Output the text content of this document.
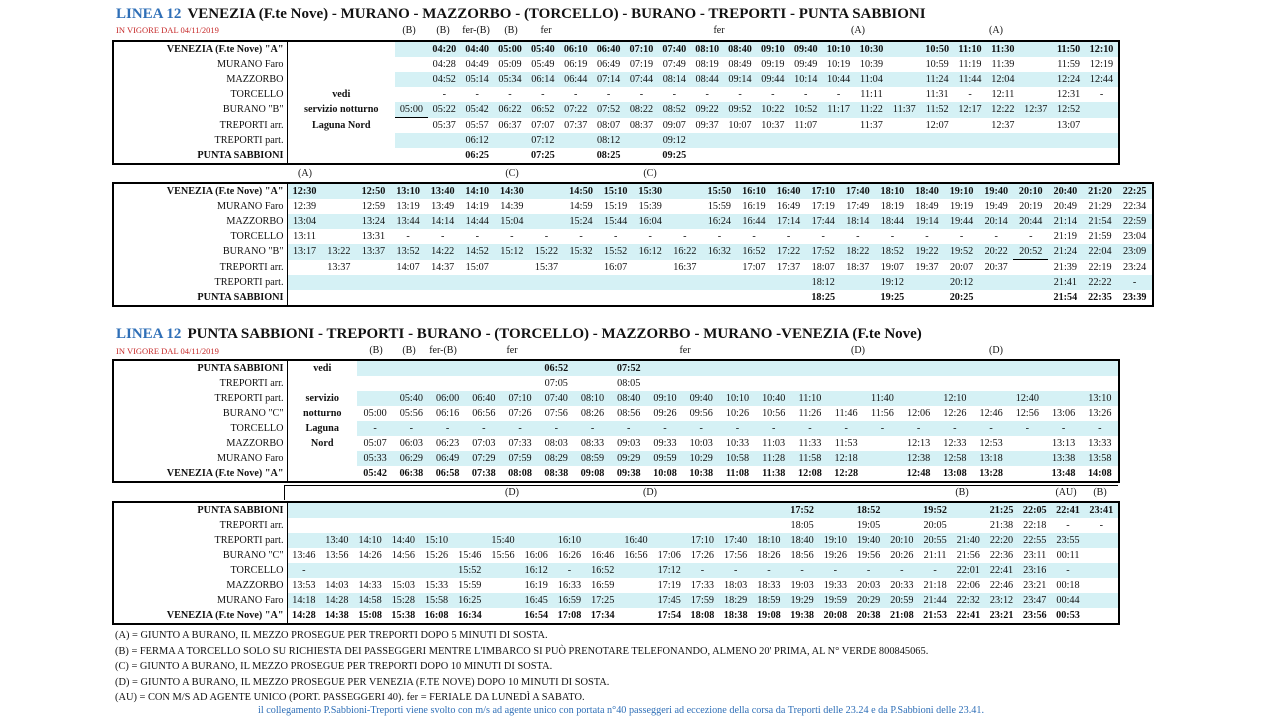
LINEA 12 VENEZIA (F.te Nove) - MURANO - MAZZORBO - (TORCELLO) - BURANO - TREPORTI - PUNTA SABBIONI
IN VIGORE DAL 04/11/2019	(B) (B) fer-(B) (B) fer	fer	(A)	(A)
VENEZIA (F.te Nove) "A"			04:20	04:40	05:00	05:40	06:10	06:40	07:10	07:40	08:10	08:40	09:10	09:40	10:10	10:30		10:50	11:10	11:30		11:50	12:10
MURANO Faro			04:28	04:49	05:09	05:49	06:19	06:49	07:19	07:49	08:19	08:49	09:19	09:49	10:19	10:39		10:59	11:19	11:39		11:59	12:19
MAZZORBO			04:52	05:14	05:34	06:14	06:44	07:14	07:44	08:14	08:44	09:14	09:44	10:14	10:44	11:04		11:24	11:44	12:04		12:24	12:44
TORCELLO	vedi		-	-	-	-	-	-	-	-	-	-	-	-	-	11:11		11:31	-	12:11		12:31	-
BURANO "B"	servizio notturno	05:00	05:22	05:42	06:22	06:52	07:22	07:52	08:22	08:52	09:22	09:52	10:22	10:52	11:17	11:22	11:37	11:52	12:17	12:22	12:37	12:52	
TREPORTI arr.	Laguna Nord		05:37	05:57	06:37	07:07	07:37	08:07	08:37	09:07	09:37	10:07	10:37	11:07		11:37		12:07		12:37		13:07	
TREPORTI part.				06:12		07:12		08:12		09:12													
PUNTA SABBIONI				06:25		07:25		08:25		09:25													
(A)	(C)	(C)
VENEZIA (F.te Nove) "A"	12:30		12:50	13:10	13:40	14:10	14:30		14:50	15:10	15:30		15:50	16:10	16:40	17:10	17:40	18:10	18:40	19:10	19:40	20:10	20:40	21:20	22:25
MURANO Faro	12:39		12:59	13:19	13:49	14:19	14:39		14:59	15:19	15:39		15:59	16:19	16:49	17:19	17:49	18:19	18:49	19:19	19:49	20:19	20:49	21:29	22:34
MAZZORBO	13:04		13:24	13:44	14:14	14:44	15:04		15:24	15:44	16:04		16:24	16:44	17:14	17:44	18:14	18:44	19:14	19:44	20:14	20:44	21:14	21:54	22:59
TORCELLO	13:11		13:31	-	-	-	-	-	-	-	-	-	-	-	-	-	-	-	-	-	-	-	21:19	21:59	23:04
BURANO "B"	13:17	13:22	13:37	13:52	14:22	14:52	15:12	15:22	15:32	15:52	16:12	16:22	16:32	16:52	17:22	17:52	18:22	18:52	19:22	19:52	20:22	20:52	21:24	22:04	23:09
TREPORTI arr.		13:37		14:07	14:37	15:07		15:37		16:07		16:37		17:07	17:37	18:07	18:37	19:07	19:37	20:07	20:37		21:39	22:19	23:24
TREPORTI part.																18:12		19:12		20:12			21:41	22:22	-
PUNTA SABBIONI																18:25		19:25		20:25			21:54	22:35	23:39
LINEA 12 PUNTA SABBIONI - TREPORTI - BURANO - (TORCELLO) - MAZZORBO - MURANO -VENEZIA (F.te Nove)
IN VIGORE DAL 04/11/2019	(B) (B) fer-(B)	fer	fer	(D)	(D)
PUNTA SABBIONI	vedi						06:52		07:52													
TREPORTI arr.							07:05		08:05													
TREPORTI part.	servizio		05:40	06:00	06:40	07:10	07:40	08:10	08:40	09:10	09:40	10:10	10:40	11:10		11:40		12:10		12:40		13:10
BURANO "C"	notturno	05:00	05:56	06:16	06:56	07:26	07:56	08:26	08:56	09:26	09:56	10:26	10:56	11:26	11:46	11:56	12:06	12:26	12:46	12:56	13:06	13:26
TORCELLO	Laguna	-	-	-	-	-	-	-	-	-	-	-	-	-	-	-	-	-	-	-	-	-
MAZZORBO	Nord	05:07	06:03	06:23	07:03	07:33	08:03	08:33	09:03	09:33	10:03	10:33	11:03	11:33	11:53		12:13	12:33	12:53		13:13	13:33
MURANO Faro		05:33	06:29	06:49	07:29	07:59	08:29	08:59	09:29	09:59	10:29	10:58	11:28	11:58	12:18		12:38	12:58	13:18		13:38	13:58
VENEZIA (F.te Nove) "A"		05:42	06:38	06:58	07:38	08:08	08:38	09:08	09:38	10:08	10:38	11:08	11:38	12:08	12:28		12:48	13:08	13:28		13:48	14:08
(D)	(D)	(B)	(AU) (B)
PUNTA SABBIONI																17:52		18:52		19:52		21:25	22:05	22:41	23:41
TREPORTI arr.																18:05		19:05		20:05		21:38	22:18	-	-
TREPORTI part.		13:40	14:10	14:40	15:10		15:40		16:10		16:40		17:10	17:40	18:10	18:40	19:10	19:40	20:10	20:55	21:40	22:20	22:55	23:55	
BURANO "C"	13:46	13:56	14:26	14:56	15:26	15:46	15:56	16:06	16:26	16:46	16:56	17:06	17:26	17:56	18:26	18:56	19:26	19:56	20:26	21:11	21:56	22:36	23:11	00:11	
TORCELLO	-					15:52		16:12	-	16:52		17:12	-	-	-	-	-	-	-	-	22:01	22:41	23:16	-	
MAZZORBO	13:53	14:03	14:33	15:03	15:33	15:59		16:19	16:33	16:59		17:19	17:33	18:03	18:33	19:03	19:33	20:03	20:33	21:18	22:06	22:46	23:21	00:18	
MURANO Faro	14:18	14:28	14:58	15:28	15:58	16:25		16:45	16:59	17:25		17:45	17:59	18:29	18:59	19:29	19:59	20:29	20:59	21:44	22:32	23:12	23:47	00:44	
VENEZIA (F.te Nove) "A"	14:28	14:38	15:08	15:38	16:08	16:34		16:54	17:08	17:34		17:54	18:08	18:38	19:08	19:38	20:08	20:38	21:08	21:53	22:41	23:21	23:56	00:53	
(A) = GIUNTO A BURANO, IL MEZZO PROSEGUE PER TREPORTI DOPO 5 MINUTI DI SOSTA.
(B) = FERMA A TORCELLO SOLO SU RICHIESTA DEI PASSEGGERI MENTRE L'IMBARCO SI PUÒ PRENOTARE TELEFONANDO, ALMENO 20' PRIMA, AL N° VERDE 800845065.
(C) = GIUNTO A BURANO, IL MEZZO PROSEGUE PER TREPORTI DOPO 10 MINUTI DI SOSTA.
(D) = GIUNTO A BURANO, IL MEZZO PROSEGUE PER VENEZIA (F.TE NOVE) DOPO 10 MINUTI DI SOSTA.
(AU) = CON M/S AD AGENTE UNICO (PORT. PASSEGGERI 40). fer = FERIALE DA LUNEDÌ A SABATO.
il collegamento P.Sabbioni-Treporti viene svolto con m/s ad agente unico con portata n°40 passeggeri ad eccezione della corsa da Treporti delle 23.24 e da P.Sabbioni delle 23.41.
